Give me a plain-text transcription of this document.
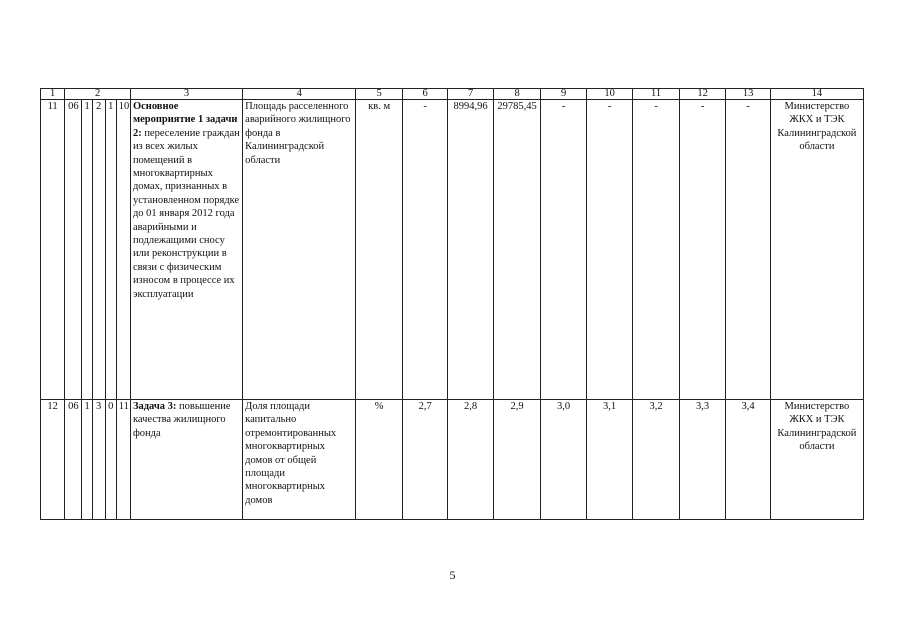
1	2					3	4	5	6	7	8	9	10	11	12	13	14
11	06	1	2	1	10	Основное мероприятие 1 задачи 2: переселение граждан из всех жилых помещений в многоквартирных домах, признанных в установленном порядке до 01 января 2012 года аварийными и подлежащими сносу или реконструкции в связи с физическим износом в процессе их эксплуатации	Площадь расселенного аварийного жилищного фонда в Калининградской области	кв. м	-	8994,96	29785,45	-	-	-	-	-	Министерство ЖКХ и ТЭК Калининградской области
12	06	1	3	0	11	Задача 3: повышение качества жилищного фонда	Доля площади капитально отремонтированных многоквартирных домов от общей площади многоквартирных домов	%	2,7	2,8	2,9	3,0	3,1	3,2	3,3	3,4	Министерство ЖКХ и ТЭК Калининградской области
5
